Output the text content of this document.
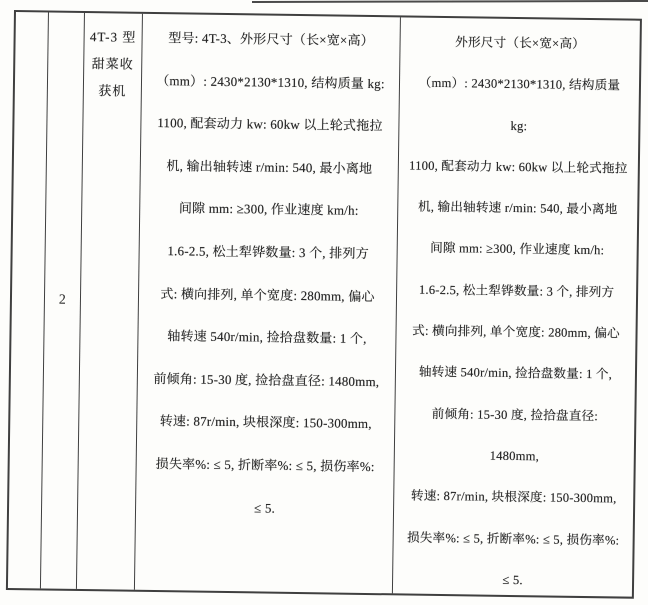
2
4T-3 型
甜菜收
获机
型号: 4T-3、外形尺寸（长×宽×高）
（mm）: 2430*2130*1310, 结构质量 kg:
1100, 配套动力 kw: 60kw 以上轮式拖拉
机, 输出轴转速 r/min: 540, 最小离地
间隙 mm: ≥300, 作业速度 km/h:
1.6-2.5, 松土犁铧数量: 3 个, 排列方
式: 横向排列, 单个宽度: 280mm, 偏心
轴转速 540r/min, 捡拾盘数量: 1 个,
前倾角: 15-30 度, 捡拾盘直径: 1480mm,
转速: 87r/min, 块根深度: 150-300mm,
损失率%: ≤ 5, 折断率%: ≤ 5, 损伤率%:
≤ 5.
外形尺寸（长×宽×高）
（mm）: 2430*2130*1310, 结构质量
kg:
1100, 配套动力 kw: 60kw 以上轮式拖拉
机, 输出轴转速 r/min: 540, 最小离地
间隙 mm: ≥300, 作业速度 km/h:
1.6-2.5, 松土犁铧数量: 3 个, 排列方
式: 横向排列, 单个宽度: 280mm, 偏心
轴转速 540r/min, 捡拾盘数量: 1 个,
前倾角: 15-30 度, 捡拾盘直径:
1480mm,
转速: 87r/min, 块根深度: 150-300mm,
损失率%: ≤ 5, 折断率%: ≤ 5, 损伤率%:
≤ 5.
